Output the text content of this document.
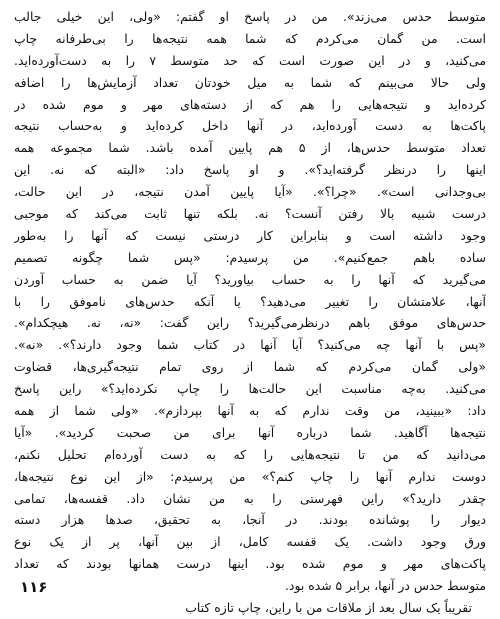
متوسط حدس می‌زند». من در پاسخ او گفتم: «ولی، این خیلی جالب
است. من گمان می‌کردم که شما همه نتیجه‌ها را بی‌طرفانه چاپ
می‌کنید، و در این صورت است که حد متوسط ۷ را به دست‌آورده‌اید.
ولی حالا می‌بینم که شما به میل خودتان تعداد آزمایش‌ها را اضافه
کرده‌اید و نتیجه‌هایی را هم که از دسته‌های مهر و موم شده در
پاکت‌ها به دست آورده‌اید، در آنها داخل کرده‌اید و به‌حساب نتیجه
تعداد متوسط حدس‌ها، از ۵ هم پایین آمده باشد. شما مجموعه همه
اینها را درنظر گرفته‌اید؟». و او پاسخ داد: «البته که نه. این
بی‌وجدانی است». «چرا؟». «آیا پایین آمدن نتیجه، در این حالت،
درست شبیه بالا رفتن آنست؟ نه. بلکه تنها ثابت می‌کند که موجبی
وجود داشته است و بنابراین کار درستی نیست که آنها را به‌طور
ساده باهم جمع‌کنیم». من پرسیدم: «پس شما چگونه تصمیم
می‌گیرید که آنها را به حساب بیاورید؟ آیا ضمن به حساب آوردن
آنها، علامتشان را تغییر می‌دهید؟ یا آنکه حدس‌های ناموفق را با
حدس‌های موفق باهم درنظرمی‌گیرید؟ راین گفت: «نه، نه. هیچکدام».
«پس با آنها چه می‌کنید؟ آیا آنها در کتاب شما وجود دارند؟». «نه».
«ولی گمان می‌کردم که شما از روی تمام نتیجه‌گیری‌ها، قضاوت
می‌کنید. به‌چه مناسبت این حالت‌ها را چاپ نکرده‌اید؟» راین پاسخ
داد: «ببینید، من وقت ندارم که به آنها بپردازم». «ولی شما از همه
نتیجه‌ها آگاهید. شما درباره آنها برای من صحبت کردید». «آیا
می‌دانید که من تا نتیجه‌هایی را که به دست آورده‌ام تحلیل نکنم،
دوست ندارم آنها را چاپ کنم؟» من پرسیدم: «از این نوع نتیجه‌ها،
چقدر دارید؟» راین فهرستی را به من نشان داد. قفسه‌ها، تمامی
دیوار را پوشانده بودند. در آنجا، به تحقیق، صدها هزار دسته
ورق وجود داشت. یک قفسه کامل، از بین آنها، پر از یک نوع
پاکت‌های مهر و موم شده بود. اینها درست همانها بودند که تعداد
متوسط حدس در آنها، برابر ۵ شده بود.
تقریباً یک سال بعد از ملاقات من با راین، چاپ تازه کتاب
۱۱۶
